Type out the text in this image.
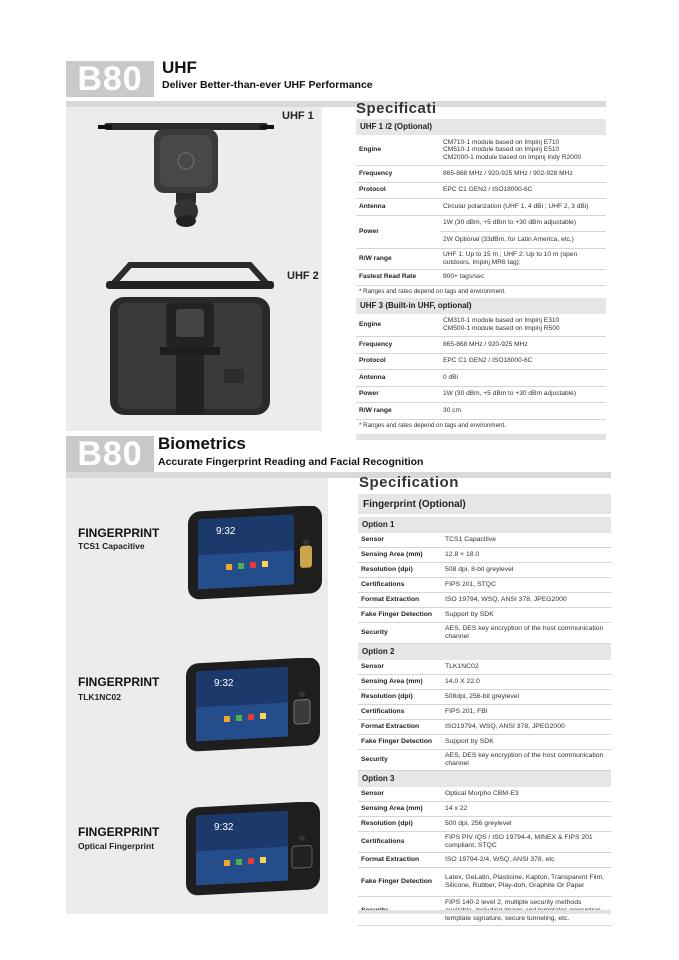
B80	UHF
Deliver Better-than-ever UHF Performance
UHF 1
UHF 2
Specificati
UHF 1 /2 (Optional)	
Engine	CM710-1 module based on Impinj E710
CM510-1 module based on Impinj E510
CM2000-1 module based on Impinj Indy R2000

Frequency	865-868 MHz / 920-925 MHz / 902-928 MHz

Protocol	EPC C1 GEN2 / ISO18000-6C

Antenna	Circular polarization (UHF 1, 4 dBi ; UHF 2, 3 dBi)

Power	1W (30 dBm, +5 dBm to +30 dBm adjustable)

	2W Optional (33dBm, for Latin America, etc.)
R/W range	UHF 1: Up to 15 m ; UHF 2: Up to 10 m (open outdoors, Impinj MR6 tag);

Fastest Read Rate	900+ tags/sec

* Ranges and rates depend on tags and environment.	
UHF 3 (Built-in UHF, optional)	
Engine	CM310-1 module based on Impinj E310
CM500-1 module based on Impinj R500

Frequency	865-868 MHz / 920-925 MHz

Protocol	EPC C1 GEN2 / ISO18000-6C

Antenna	0 dBi

Power	1W (30 dBm, +5 dBm to +30 dBm adjustable)

R/W range	30 cm

* Ranges and rates depend on tags and environment.	
B80 Biometrics
Accurate Fingerprint Reading and Facial Recognition
FINGERPRINT
TCS1 Capacitive
9:32
FINGERPRINT
TLK1NC02
9:32
FINGERPRINT
Optical Fingerprint
9:32
Specification
Fingerprint (Optional)
Option 1	
Sensor	TCS1 Capacitive
Sensing Area (mm)	12.8 × 18.0
Resolution (dpi)	508 dpi, 8-bit greylevel
Certifications	FIPS 201, STQC
Format Extraction	ISO 19794, WSQ, ANSI 378, JPEG2000
Fake Finger Detection	Support by SDK
Security	AES, DES key encryption of the host communication channel
Option 2	
Sensor	TLK1NC02
Sensing Area (mm)	14.0 X 22.0
Resolution (dpi)	508dpi, 256-bit greylevel
Certifications	FIPS 201, FBI
Format Extraction	ISO19794, WSQ, ANSI 378, JPEG2000
Fake Finger Detection	Support by SDK
Security	AES, DES key encryption of the host communication channel
Option 3	
Sensor	Optical Morpho CBM-E3
Sensing Area (mm)	14 x 22
Resolution (dpi)	500 dpi, 256 greylevel
Certifications	FIPS PIV IQS / ISO 19794-4, MINEX & FIPS 201 compliant, STQC
Format Extraction	ISO 19794-2/4, WSQ, ANSI 378, etc
Fake Finger Detection	Latex, GeLatin, Plasticine, Kapton, Transparent Film, Silicone, Rubber, Play-doh, Graphite Or Paper
	FIPS 140-2 level 2, multiple security methods template signature, secure tunneling, etc.
